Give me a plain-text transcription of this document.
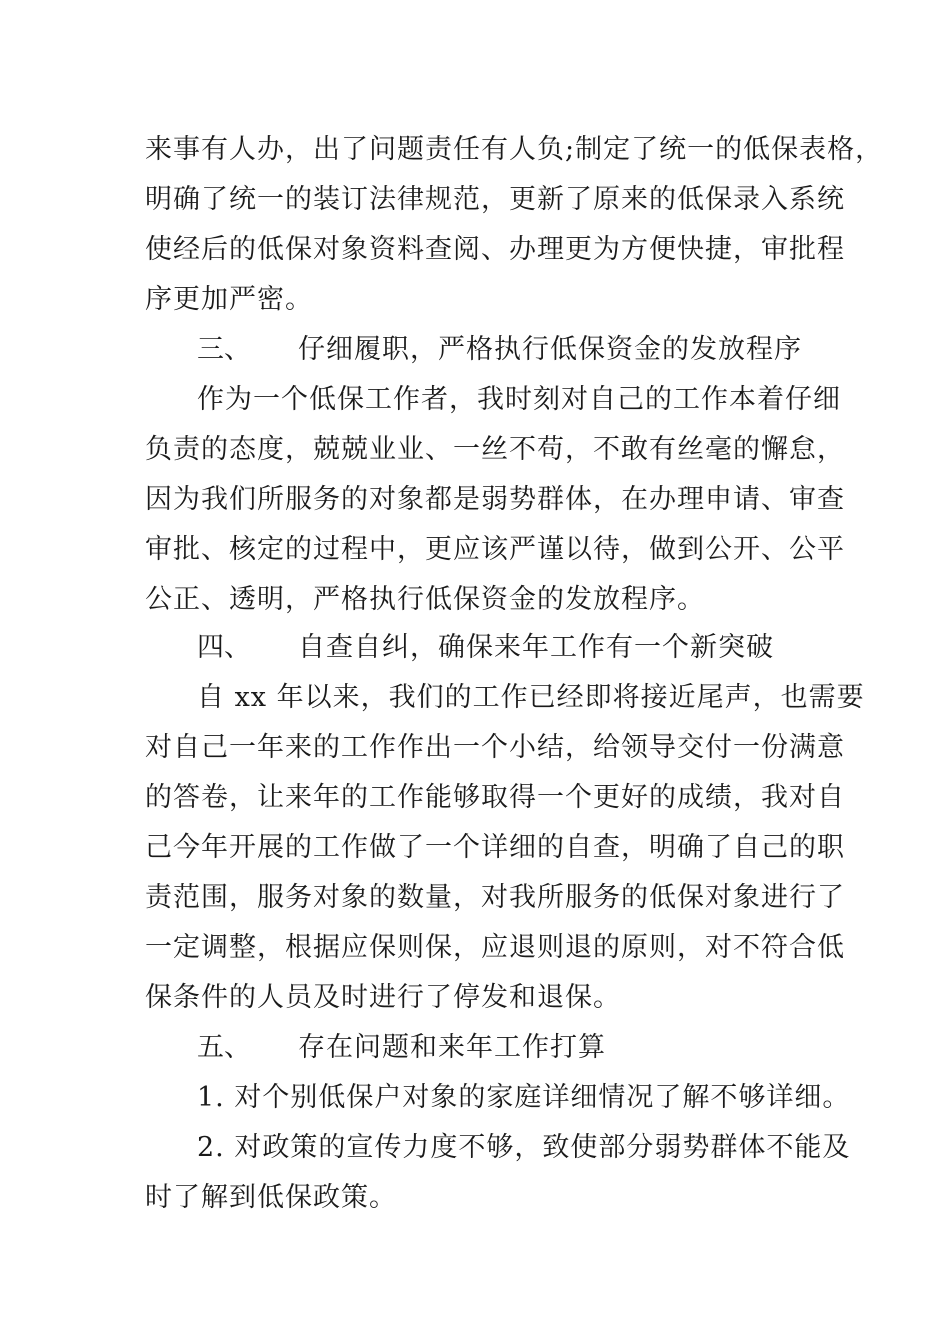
来事有人办，出了问题责任有人负;制定了统一的低保表格，
明确了统一的装订法律规范，更新了原来的低保录入系统
使经后的低保对象资料查阅、办理更为方便快捷，审批程
序更加严密。
三、 仔细履职，严格执行低保资金的发放程序
作为一个低保工作者，我时刻对自己的工作本着仔细
负责的态度，兢兢业业、一丝不苟，不敢有丝毫的懈怠，
因为我们所服务的对象都是弱势群体，在办理申请、审查
审批、核定的过程中，更应该严谨以待，做到公开、公平
公正、透明，严格执行低保资金的发放程序。
四、 自查自纠，确保来年工作有一个新突破
自 xx 年以来，我们的工作已经即将接近尾声，也需要
对自己一年来的工作作出一个小结，给领导交付一份满意
的答卷，让来年的工作能够取得一个更好的成绩，我对自
己今年开展的工作做了一个详细的自查，明确了自己的职
责范围，服务对象的数量，对我所服务的低保对象进行了
一定调整，根据应保则保，应退则退的原则，对不符合低
保条件的人员及时进行了停发和退保。
五、 存在问题和来年工作打算
1. 对个别低保户对象的家庭详细情况了解不够详细。
2. 对政策的宣传力度不够，致使部分弱势群体不能及
时了解到低保政策。
